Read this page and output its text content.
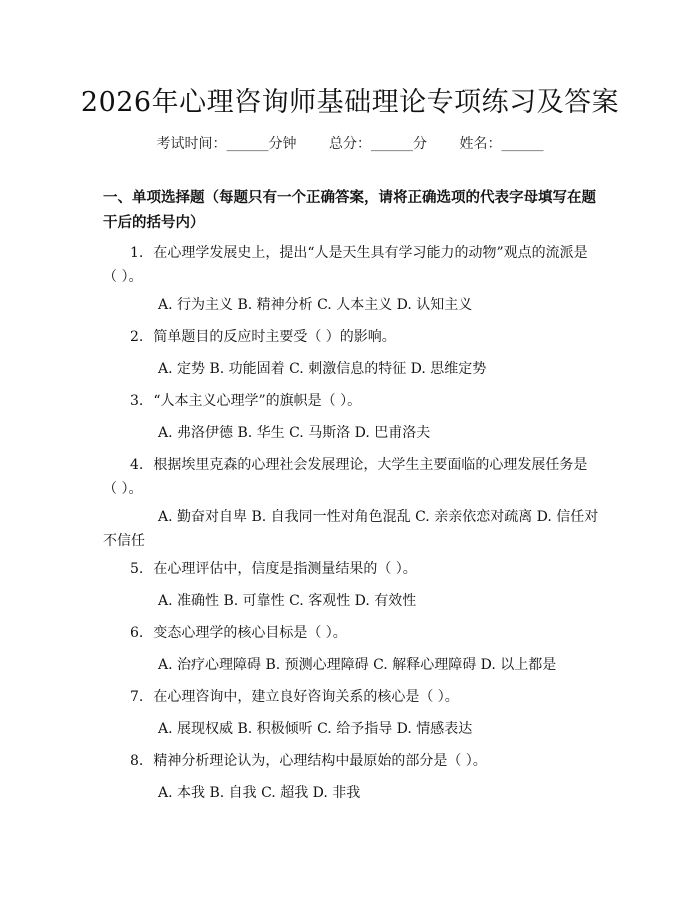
2026年心理咨询师基础理论专项练习及答案
考试时间：______分钟 总分：______分 姓名：______
一、单项选择题（每题只有一个正确答案，请将正确选项的代表字母填写在题干后的括号内）
1. 在心理学发展史上，提出“人是天生具有学习能力的动物”观点的流派是（ ）。
A. 行为主义 B. 精神分析 C. 人本主义 D. 认知主义
2. 简单题目的反应时主要受（ ）的影响。
A. 定势 B. 功能固着 C. 刺激信息的特征 D. 思维定势
3. “人本主义心理学”的旗帜是（ ）。
A. 弗洛伊德 B. 华生 C. 马斯洛 D. 巴甫洛夫
4. 根据埃里克森的心理社会发展理论，大学生主要面临的心理发展任务是（ ）。
A. 勤奋对自卑 B. 自我同一性对角色混乱 C. 亲亲依恋对疏离 D. 信任对不信任
5. 在心理评估中，信度是指测量结果的（ ）。
A. 准确性 B. 可靠性 C. 客观性 D. 有效性
6. 变态心理学的核心目标是（ ）。
A. 治疗心理障碍 B. 预测心理障碍 C. 解释心理障碍 D. 以上都是
7. 在心理咨询中，建立良好咨询关系的核心是（ ）。
A. 展现权威 B. 积极倾听 C. 给予指导 D. 情感表达
8. 精神分析理论认为，心理结构中最原始的部分是（ ）。
A. 本我 B. 自我 C. 超我 D. 非我
